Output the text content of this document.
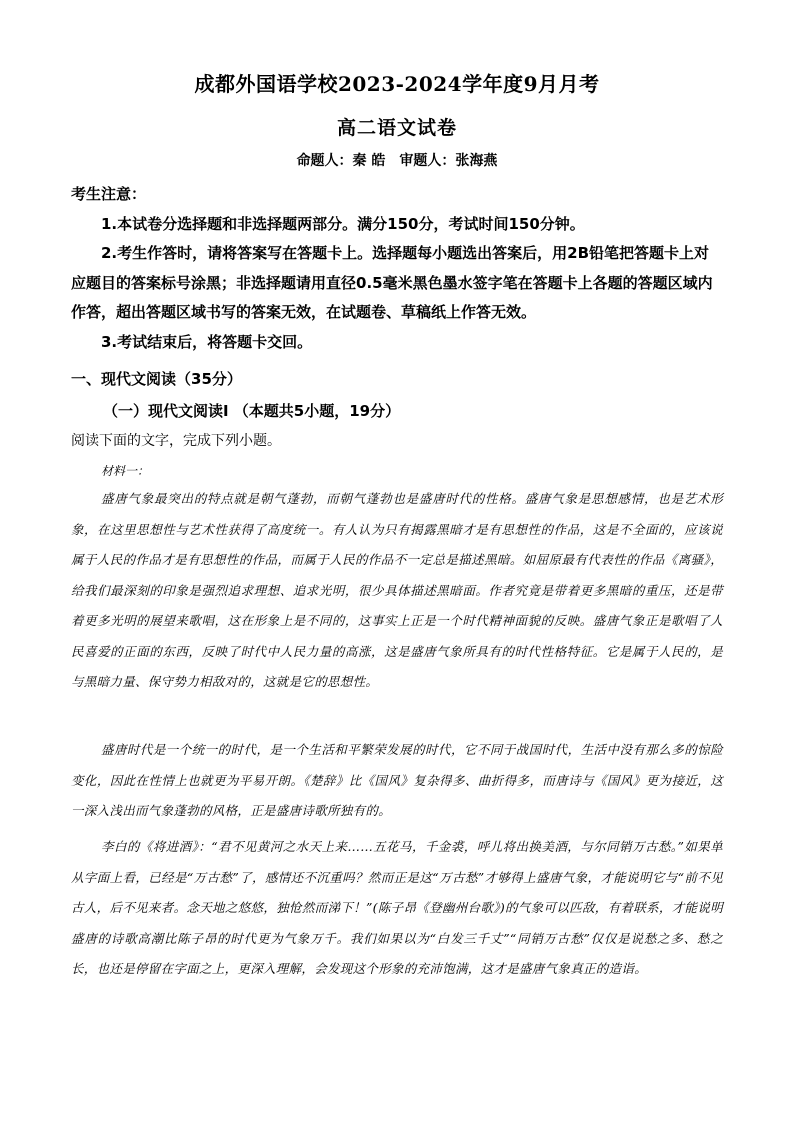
成都外国语学校2023-2024学年度9月月考
高二语文试卷
命题人：秦 皓　审题人：张海燕

考生注意：

1.本试卷分选择题和非选择题两部分。满分150分，考试时间150分钟。

2.考生作答时，请将答案写在答题卡上。选择题每小题选出答案后，用2B铅笔把答题卡上对应题目的答案标号涂黑；非选择题请用直径0.5毫米黑色墨水签字笔在答题卡上各题的答题区域内作答，超出答题区域书写的答案无效，在试题卷、草稿纸上作答无效。

3.考试结束后，将答题卡交回。

一、现代文阅读（35分）
（一）现代文阅读Ⅰ （本题共5小题，19分）
阅读下面的文字，完成下列小题。
材料一：

盛唐气象最突出的特点就是朝气蓬勃，而朝气蓬勃也是盛唐时代的性格。盛唐气象是思想感情，也是艺术形象，在这里思想性与艺术性获得了高度统一。有人认为只有揭露黑暗才是有思想性的作品，这是不全面的，应该说属于人民的作品才是有思想性的作品，而属于人民的作品不一定总是描述黑暗。如屈原最有代表性的作品《离骚》，给我们最深刻的印象是强烈追求理想、追求光明，很少具体描述黑暗面。作者究竟是带着更多黑暗的重压，还是带着更多光明的展望来歌唱，这在形象上是不同的，这事实上正是一个时代精神面貌的反映。盛唐气象正是歌唱了人民喜爱的正面的东西，反映了时代中人民力量的高涨，这是盛唐气象所具有的时代性格特征。它是属于人民的，是与黑暗力量、保守势力相敌对的，这就是它的思想性。

盛唐时代是一个统一的时代，是一个生活和平繁荣发展的时代，它不同于战国时代，生活中没有那么多的惊险变化，因此在性情上也就更为平易开朗。《楚辞》比《国风》复杂得多、曲折得多，而唐诗与《国风》更为接近，这一深入浅出而气象蓬勃的风格，正是盛唐诗歌所独有的。

李白的《将进酒》：“君不见黄河之水天上来……五花马，千金裘，呼儿将出换美酒，与尔同销万古愁。”如果单从字面上看，已经是“万古愁”了，感情还不沉重吗？然而正是这“万古愁”才够得上盛唐气象，才能说明它与“前不见古人，后不见来者。念天地之悠悠，独怆然而涕下！”(陈子昂《登幽州台歌》)的气象可以匹敌，有着联系，才能说明盛唐的诗歌高潮比陈子昂的时代更为气象万千。我们如果以为“白发三千丈”“同销万古愁”仅仅是说愁之多、愁之长，也还是停留在字面之上，更深入理解，会发现这个形象的充沛饱满，这才是盛唐气象真正的造诣。
